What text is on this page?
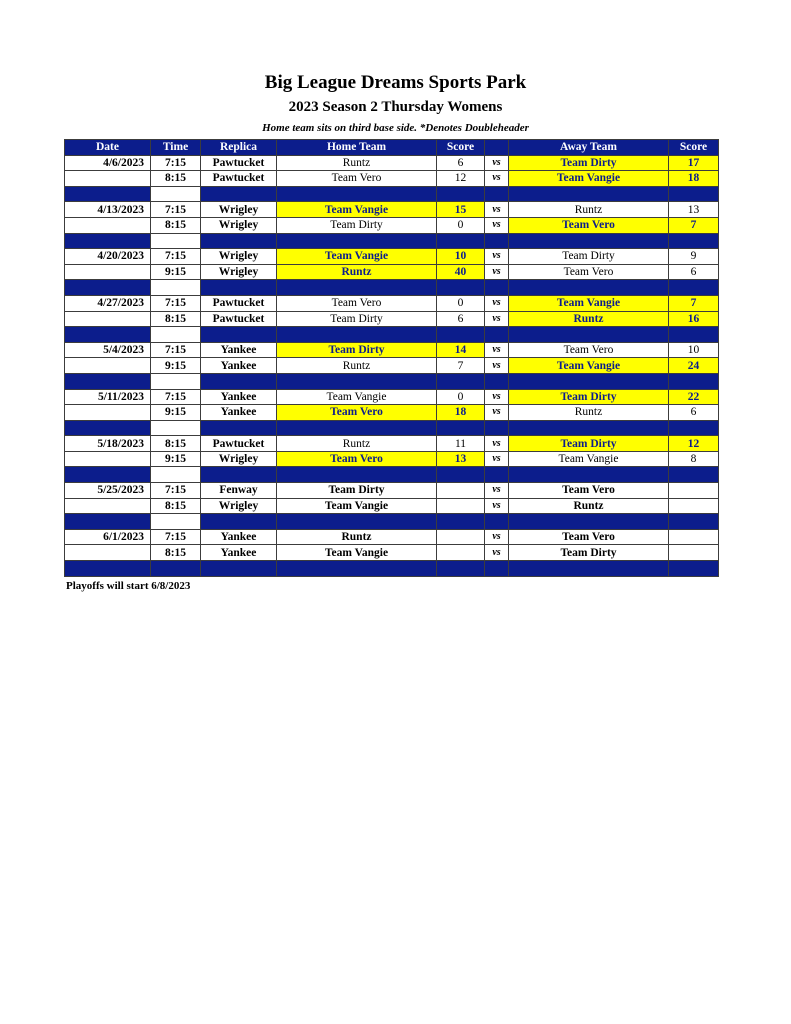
Big League Dreams Sports Park
2023 Season 2 Thursday Womens

Home team sits on third base side. *Denotes Doubleheader

Date	Time	Replica	Home Team	Score		Away Team	Score
4/6/2023	7:15	Pawtucket	Runtz	6	vs	Team Dirty	17
	8:15	Pawtucket	Team Vero	12	vs	Team Vangie	18

4/13/2023	7:15	Wrigley	Team Vangie	15	vs	Runtz	13
	8:15	Wrigley	Team Dirty	0	vs	Team Vero	7

4/20/2023	7:15	Wrigley	Team Vangie	10	vs	Team Dirty	9
	9:15	Wrigley	Runtz	40	vs	Team Vero	6

4/27/2023	7:15	Pawtucket	Team Vero	0	vs	Team Vangie	7
	8:15	Pawtucket	Team Dirty	6	vs	Runtz	16

5/4/2023	7:15	Yankee	Team Dirty	14	vs	Team Vero	10
	9:15	Yankee	Runtz	7	vs	Team Vangie	24

5/11/2023	7:15	Yankee	Team Vangie	0	vs	Team Dirty	22
	9:15	Yankee	Team Vero	18	vs	Runtz	6

5/18/2023	8:15	Pawtucket	Runtz	11	vs	Team Dirty	12
	9:15	Wrigley	Team Vero	13	vs	Team Vangie	8

5/25/2023	7:15	Fenway	Team Dirty		vs	Team Vero	
	8:15	Wrigley	Team Vangie		vs	Runtz	

6/1/2023	7:15	Yankee	Runtz		vs	Team Vero	
	8:15	Yankee	Team Vangie		vs	Team Dirty	

Playoffs will start 6/8/2023
